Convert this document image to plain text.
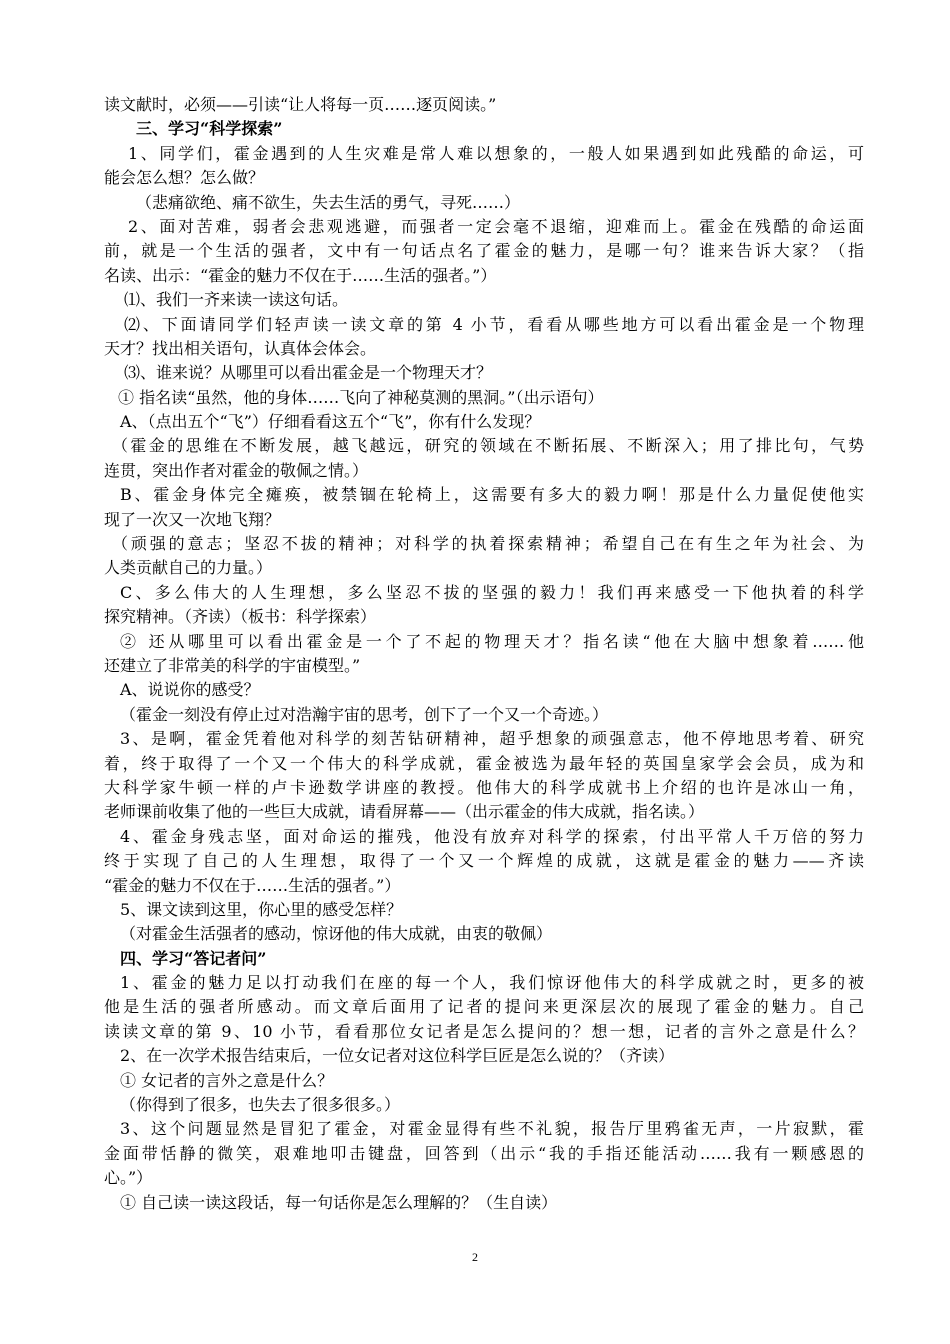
读文献时，必须——引读“让人将每一页……逐页阅读。”
三、学习“科学探索”
1、同学们，霍金遇到的人生灾难是常人难以想象的，一般人如果遇到如此残酷的命运，可
能会怎么想？怎么做？
（悲痛欲绝、痛不欲生，失去生活的勇气，寻死……）
2、面对苦难，弱者会悲观逃避，而强者一定会毫不退缩，迎难而上。霍金在残酷的命运面
前，就是一个生活的强者，文中有一句话点名了霍金的魅力，是哪一句？谁来告诉大家？（指
名读、出示：“霍金的魅力不仅在于……生活的强者。”）
⑴、我们一齐来读一读这句话。
⑵、下面请同学们轻声读一读文章的第 4 小节，看看从哪些地方可以看出霍金是一个物理
天才？找出相关语句，认真体会体会。
⑶、谁来说？从哪里可以看出霍金是一个物理天才？
① 指名读“虽然，他的身体……飞向了神秘莫测的黑洞。”（出示语句）
A、（点出五个“飞”）仔细看看这五个“飞”，你有什么发现？
（霍金的思维在不断发展，越飞越远，研究的领域在不断拓展、不断深入；用了排比句，气势
连贯，突出作者对霍金的敬佩之情。）
B、霍金身体完全瘫痪，被禁锢在轮椅上，这需要有多大的毅力啊！那是什么力量促使他实
现了一次又一次地飞翔？
（顽强的意志；坚忍不拔的精神；对科学的执着探索精神；希望自己在有生之年为社会、为
人类贡献自己的力量。）
C、多么伟大的人生理想，多么坚忍不拔的坚强的毅力！我们再来感受一下他执着的科学
探究精神。（齐读）（板书：科学探索）
② 还从哪里可以看出霍金是一个了不起的物理天才？指名读“他在大脑中想象着……他
还建立了非常美的科学的宇宙模型。”
A、说说你的感受？
（霍金一刻没有停止过对浩瀚宇宙的思考，创下了一个又一个奇迹。）
3、是啊，霍金凭着他对科学的刻苦钻研精神，超乎想象的顽强意志，他不停地思考着、研究
着，终于取得了一个又一个伟大的科学成就，霍金被选为最年轻的英国皇家学会会员，成为和
大科学家牛顿一样的卢卡逊数学讲座的教授。他伟大的科学成就书上介绍的也许是冰山一角，
老师课前收集了他的一些巨大成就，请看屏幕——（出示霍金的伟大成就，指名读。）
4、霍金身残志坚，面对命运的摧残，他没有放弃对科学的探索，付出平常人千万倍的努力
终于实现了自己的人生理想，取得了一个又一个辉煌的成就，这就是霍金的魅力——齐读
“霍金的魅力不仅在于……生活的强者。”）
5、课文读到这里，你心里的感受怎样？
（对霍金生活强者的感动，惊讶他的伟大成就，由衷的敬佩）
四、学习“答记者问”
1、霍金的魅力足以打动我们在座的每一个人，我们惊讶他伟大的科学成就之时，更多的被
他是生活的强者所感动。而文章后面用了记者的提问来更深层次的展现了霍金的魅力。自己
读读文章的第 9、10 小节，看看那位女记者是怎么提问的？想一想，记者的言外之意是什么？
2、在一次学术报告结束后，一位女记者对这位科学巨匠是怎么说的？（齐读）
① 女记者的言外之意是什么？
（你得到了很多，也失去了很多很多。）
3、这个问题显然是冒犯了霍金，对霍金显得有些不礼貌，报告厅里鸦雀无声，一片寂默，霍
金面带恬静的微笑，艰难地叩击键盘，回答到（出示“我的手指还能活动……我有一颗感恩的
心。”）
① 自己读一读这段话，每一句话你是怎么理解的？（生自读）
2
